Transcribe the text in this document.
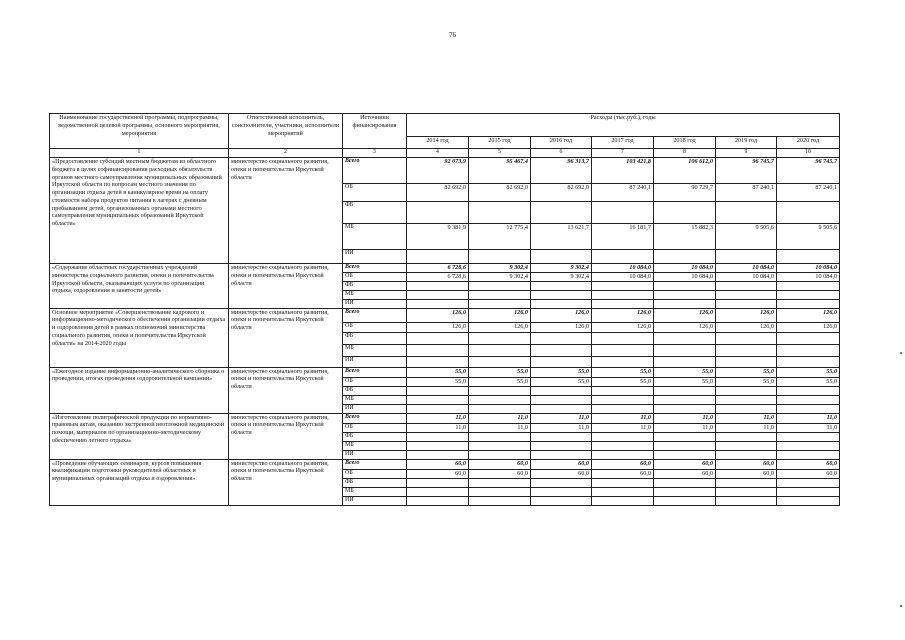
76
Наименование государственной программы, подпрограммы, ведомственной целевой программы, основного мероприятия, мероприятия	Ответственный исполнитель, соисполнители, участники, исполнители мероприятий	Источники финансирования	Расходы (тыс.руб.), годы						
			2014 год	2015 год	2016 год	2017 год	2018 год	2019 год	2020 год
1	2	3	4	5	6	7	8	9	10
«Предоставление субсидий местным бюджетам из областного бюджета в целях софинансирования расходных обязательств органов местного самоуправления муниципальных образований Иркутской области по вопросам местного значения по организации отдыха детей в каникулярное время на оплату стоимости набора продуктов питания в лагерях с дневным пребыванием детей, организованных органами местного самоуправления муниципальных образований Иркутской области»	министерство социального развития, опеки и попечительства Иркутской области	Всего	92 073,9	95 467,4	96 313,7	103 421,8	106 612,0	96 745,7	96 745,7
		ОБ	82 692,0	82 692,0	82 692,0	87 240,1	90 729,7	87 240,1	87 240,1
		ФБ							
		МБ	9 381,9	12 775,4	13 621,7	16 181,7	15 882,3	9 505,6	9 505,6
		ИИ							
«Содержание областных государственных учреждений министерства социального развития, опеки и попечительства Иркутской области, оказывающих услуги по организации отдыха, оздоровления и занятости детей»	министерство социального развития, опеки и попечительства Иркутской области	Всего	6 728,6	9 302,4	9 302,4	10 084,0	10 084,0	10 084,0	10 084,0
		ОБ	6 728,6	9 302,4	9 302,4	10 084,0	10 084,0	10 084,0	10 084,0
		ФБ							
		МБ							
		ИИ							
Основное мероприятие «Совершенствование кадрового и информационно-методического обеспечения организации отдыха и оздоровления детей в рамках полномочий министерства социального развития, опеки и попечительства Иркутской области» на 2014-2020 годы	министерство социального развития, опеки и попечительства Иркутской области	Всего	126,0	126,0	126,0	126,0	126,0	126,0	126,0
		ОБ	126,0	126,0	126,0	126,0	126,0	126,0	126,0
		ФБ							
		МБ							
		ИИ							
«Ежегодное издание информационно-аналитического сборника о проведении, итогах проведения оздоровительной кампании»	министерство социального развития, опеки и попечительства Иркутской области	Всего	55,0	55,0	55,0	55,0	55,0	55,0	55,0
		ОБ	55,0	55,0	55,0	55,0	55,0	55,0	55,0
		ФБ							
		МБ							
		ИИ							
«Изготовление полиграфической продукции по нормативно-правовым актам, оказанию экстренной неотложной медицинской помощи, материалов по организационно-методическому обеспечению летнего отдыха»	министерство социального развития, опеки и попечительства Иркутской области	Всего	11,0	11,0	11,0	11,0	11,0	11,0	11,0
		ОБ	11,0	11,0	11,0	11,0	11,0	11,0	11,0
		ФБ							
		МБ							
		ИИ							
«Проведение обучающих семинаров, курсов повышения квалификации подготовки руководителей областных и муниципальных организаций отдыха и оздоровления»	министерство социального развития, опеки и попечительства Иркутской области	Всего	60,0	60,0	60,0	60,0	60,0	60,0	60,0
		ОБ	60,0	60,0	60,0	60,0	60,0	60,0	60,0
		ФБ							
		МБ							
		ИИ							
